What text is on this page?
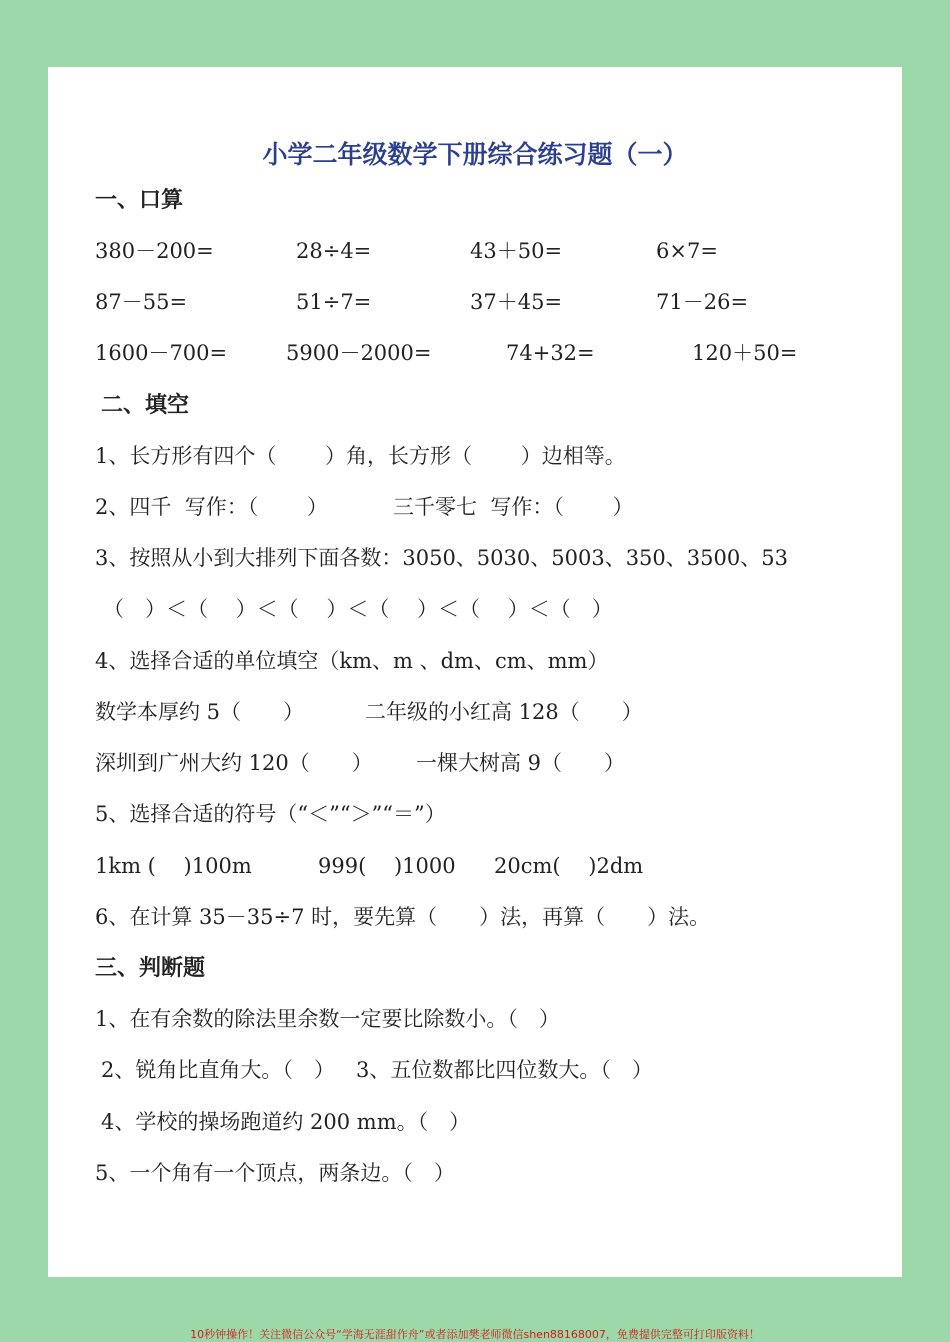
小学二年级数学下册综合练习题（一）
一、口算
380－200=	28÷4=	43＋50=	6×7=
87－55=	51÷7=	37＋45=	71－26=
1600－700=	5900－2000=	74+32=	120＋50=
二、填空
1、长方形有四个（　　 ）角，长方形（　　 ）边相等。
2、四千  写作：（　　 ）	三千零七  写作：（　　 ）
3、按照从小到大排列下面各数：3050、5030、5003、350、3500、53
（　）＜（　 ）＜（　 ）＜（　 ）＜（　 ）＜（　）
4、选择合适的单位填空（km、m 、dm、cm、mm）
数学本厚约 5（　　）	二年级的小红高 128（　　）
深圳到广州大约 120（　　） 一棵大树高 9（　　）
5、选择合适的符号（“＜”“＞”“＝”）
1km (　 )100m	999(　 )1000 20cm(　 )2dm
6、在计算 35－35÷7 时，要先算（　　）法，再算（　　）法。
三、判断题
1、在有余数的除法里余数一定要比除数小。（　）
2、锐角比直角大。（　） 3、五位数都比四位数大。（　）
4、学校的操场跑道约 200 mm。（　）
5、一个角有一个顶点，两条边。（　）
10秒钟操作！关注微信公众号“学海无涯甜作舟”或者添加樊老师微信shen88168007，免费提供完整可打印版资料！
